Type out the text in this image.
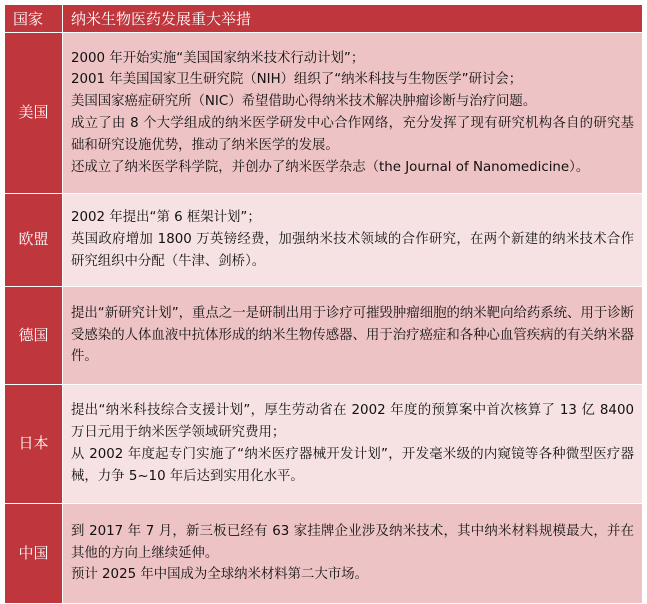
国家	纳米生物医药发展重大举措
美国	2000 年开始实施“美国国家纳米技术行动计划”；

2001 年美国国家卫生研究院（NIH）组织了“纳米科技与生物医学”研讨会；

美国国家癌症研究所（NIC）希望借助心得纳米技术解决肿瘤诊断与治疗问题。

成立了由 8 个大学组成的纳米医学研发中心合作网络，充分发挥了现有研究机构各自的研究基础和研究设施优势，推动了纳米医学的发展。

还成立了纳米医学科学院，并创办了纳米医学杂志（the Journal of Nanomedicine）。

欧盟	2002 年提出“第 6 框架计划”；

英国政府增加 1800 万英镑经费，加强纳米技术领域的合作研究，在两个新建的纳米技术合作研究组织中分配（牛津、剑桥）。

德国	提出“新研究计划”，重点之一是研制出用于诊疗可摧毁肿瘤细胞的纳米靶向给药系统、用于诊断受感染的人体血液中抗体形成的纳米生物传感器、用于治疗癌症和各种心血管疾病的有关纳米器件。

日本	提出“纳米科技综合支援计划”，厚生劳动省在 2002 年度的预算案中首次核算了 13 亿 8400 万日元用于纳米医学领域研究费用；

从 2002 年度起专门实施了“纳米医疗器械开发计划”，开发毫米级的内窥镜等各种微型医疗器械，力争 5~10 年后达到实用化水平。

中国	到 2017 年 7 月，新三板已经有 63 家挂牌企业涉及纳米技术，其中纳米材料规模最大，并在其他的方向上继续延伸。

预计 2025 年中国成为全球纳米材料第二大市场。
